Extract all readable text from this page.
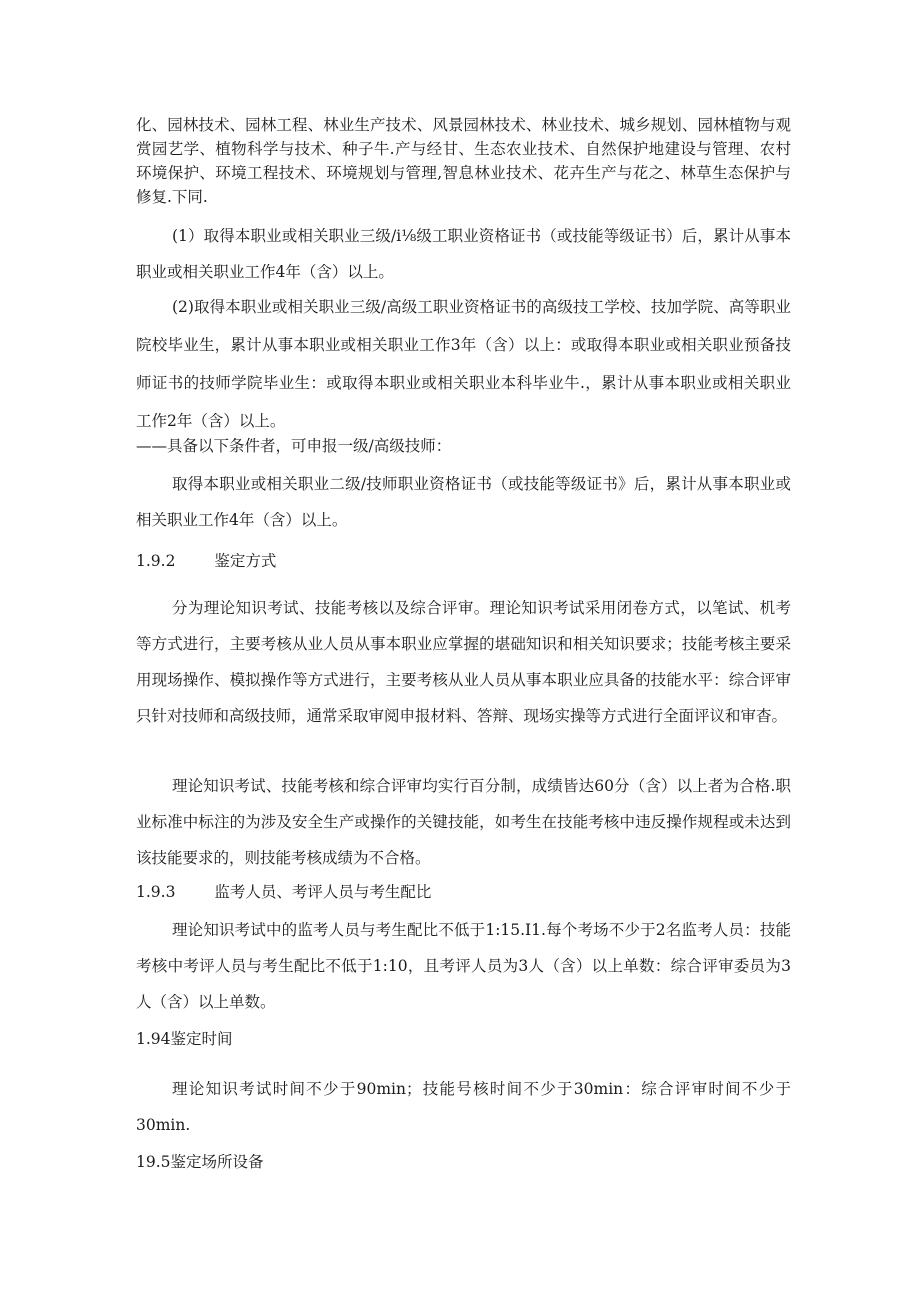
化、园林技术、园林工程、林业生产技术、风景园林技术、林业技术、城乡规划、园林植物与观赏园艺学、植物科学与技术、种子牛.产与经甘、生态农业技术、自然保护地建设与管理、农村环境保护、环境工程技术、环境规划与管理,智息林业技术、花卉生产与花之、林草生态保护与修复.下同.
(1）取得本职业或相关职业三级/i⅛级工职业资格证书（或技能等级证书）后，累计从事本职业或相关职业工作4年（含）以上。
(2)取得本职业或相关职业三级/高级工职业资格证书的高级技工学校、技加学院、高等职业院校毕业生，累计从事本职业或相关职业工作3年（含）以上：或取得本职业或相关职业预备技师证书的技师学院毕业生：或取得本职业或相关职业本科毕业牛.，累计从事本职业或相关职业工作2年（含）以上。
——具备以下条件者，可申报一级/高级技师：
取得本职业或相关职业二级/技师职业资格证书（或技能等级证书》后，累计从事本职业或相关职业工作4年（含）以上。
1.9.2	鉴定方式
分为理论知识考试、技能考核以及综合评审。理论知识考试采用闭卷方式，以笔试、机考等方式进行，主要考核从业人员从事本职业应掌握的堪础知识和相关知识要求；技能考核主要采用现场操作、模拟操作等方式进行，主要考核从业人员从事本职业应具备的技能水平：综合评审只针对技师和高级技师，通常采取审阅申报材料、答辩、现场实操等方式进行全面评议和审杳。
理论知识考试、技能考核和综合评审均实行百分制，成绩皆达60分（含）以上者为合格.职业标准中标注的为涉及安全生产或操作的关键技能，如考生在技能考核中违反操作规程或未达到该技能要求的，则技能考核成绩为不合格。
1.9.3	监考人员、考评人员与考生配比
理论知识考试中的监考人员与考生配比不低于1:15.I1.每个考场不少于2名监考人员：技能考核中考评人员与考生配比不低于1:10，且考评人员为3人（含）以上单数：综合评审委员为3人（含）以上单数。
1.94鉴定时间
理论知识考试时间不少于90min；技能号核时间不少于30min：综合评审时间不少于30min.
19.5鉴定场所设备
